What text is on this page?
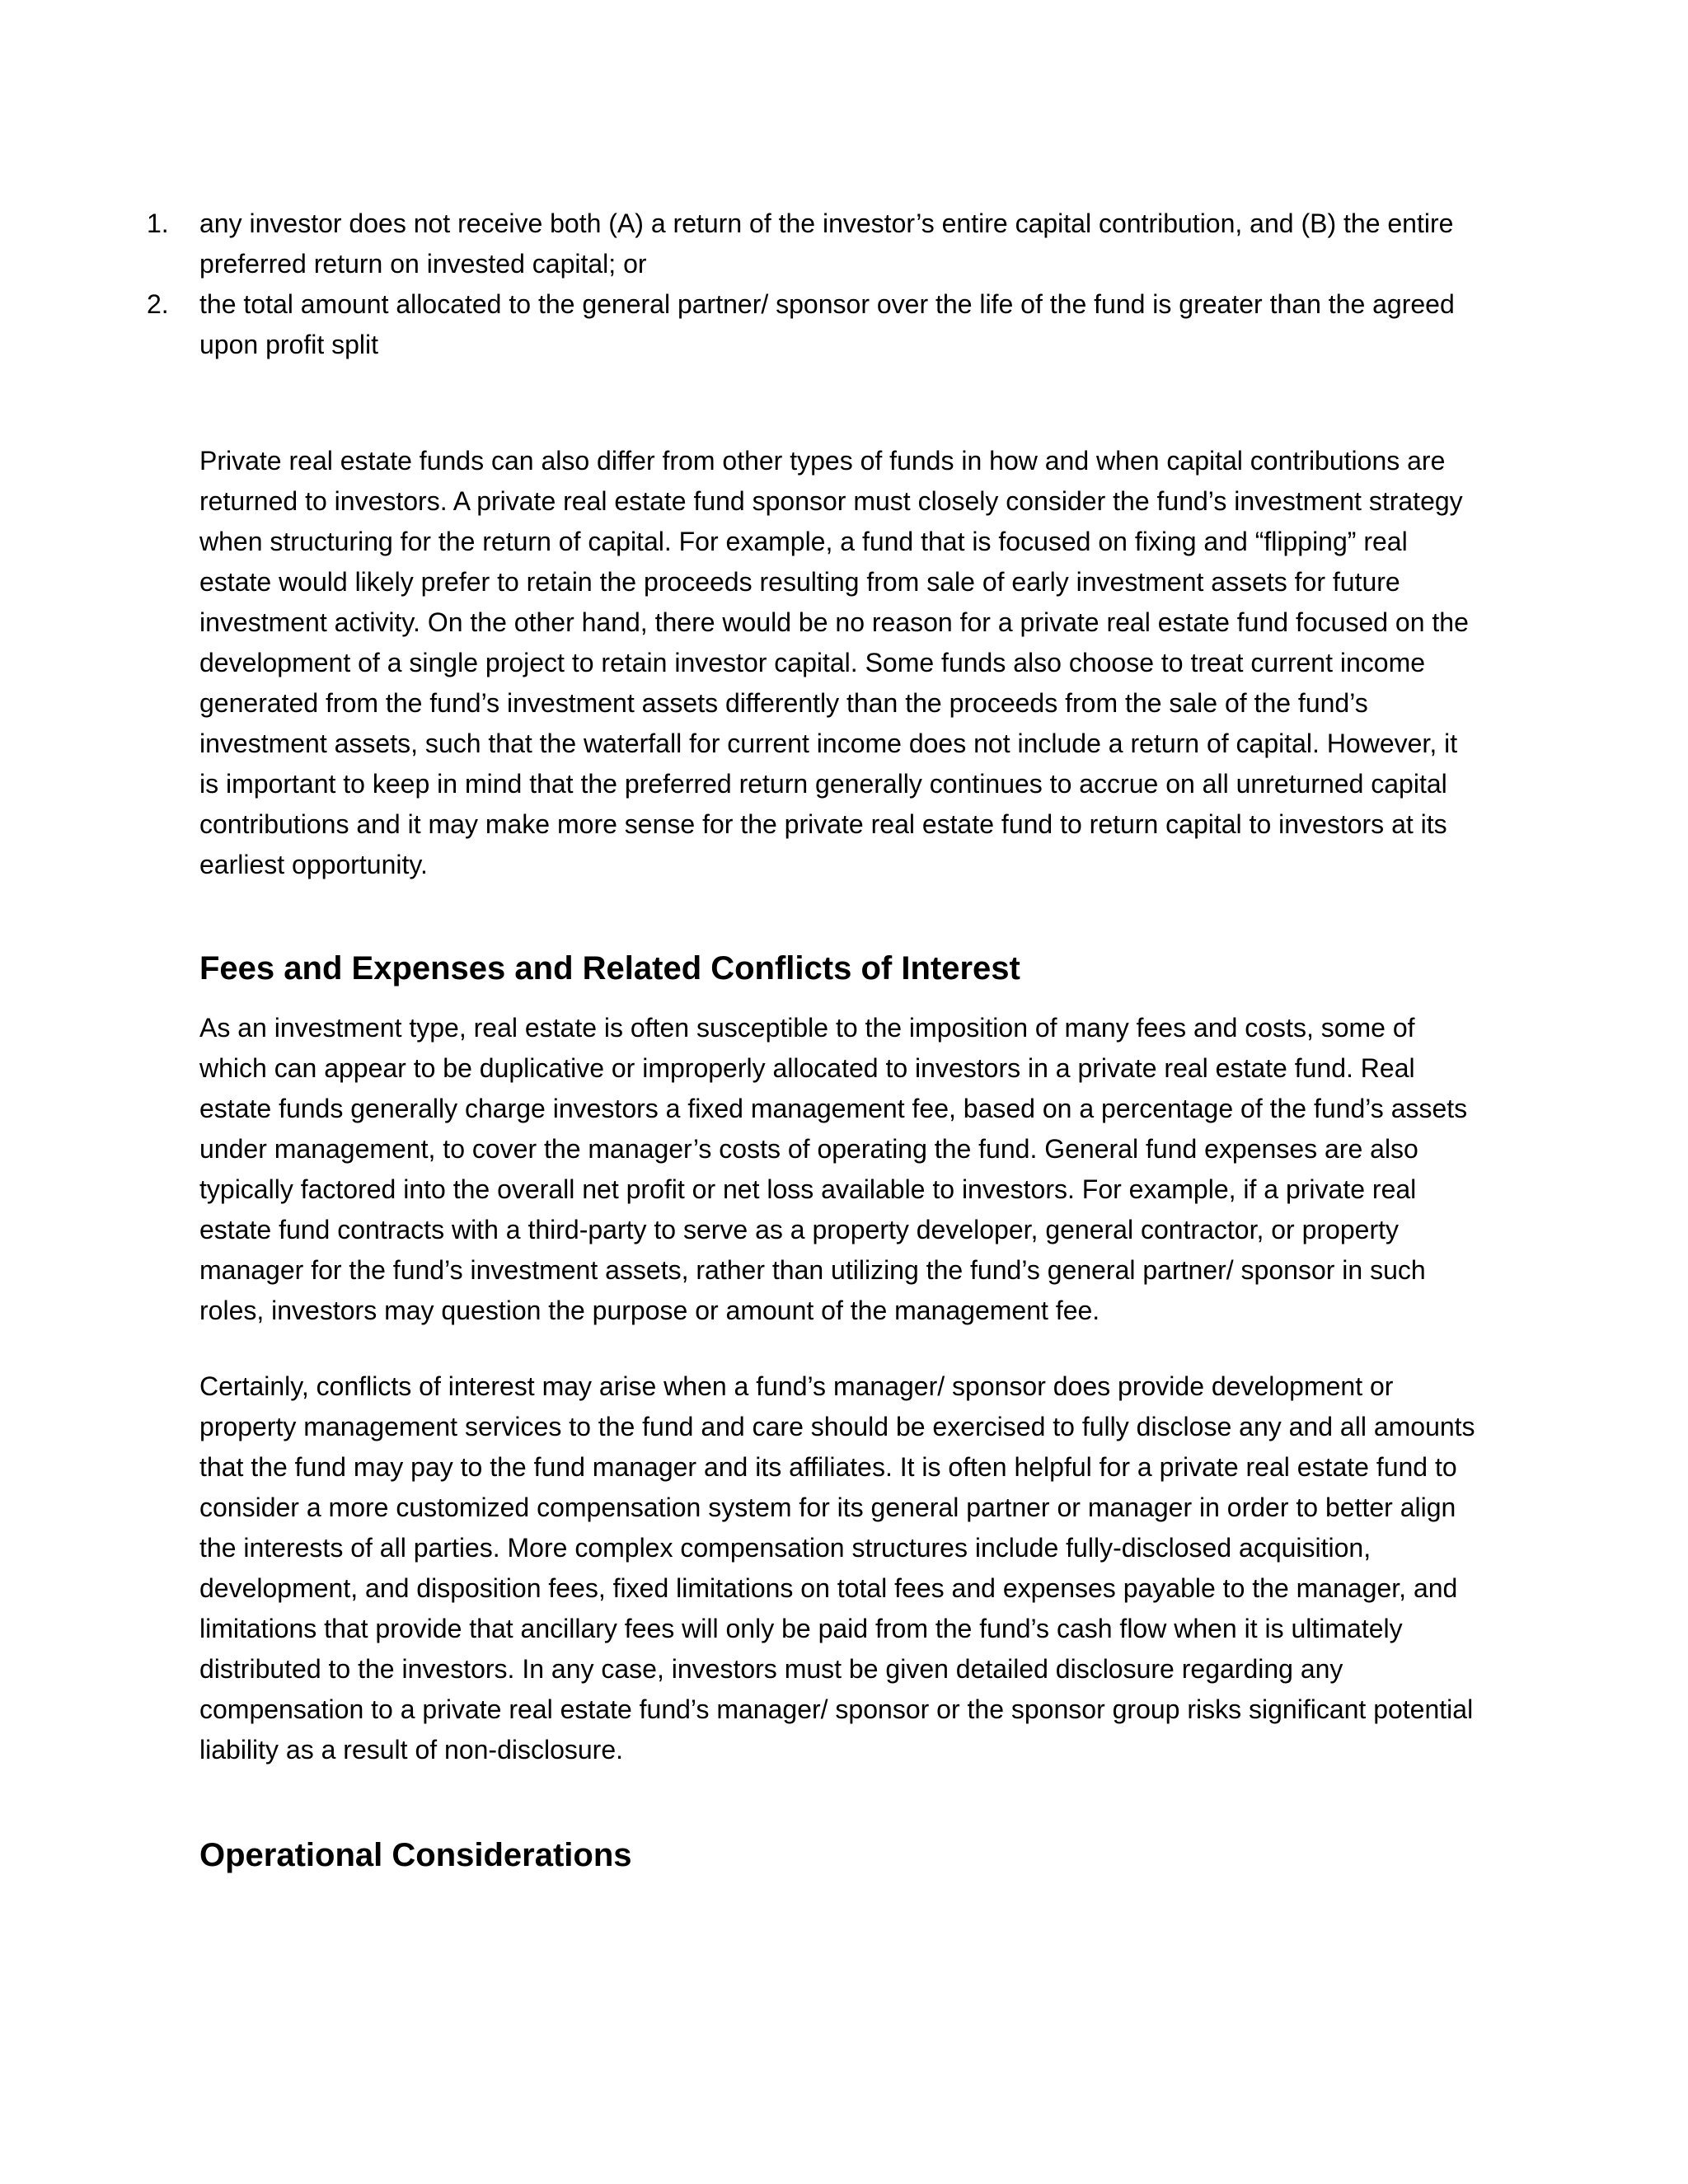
1.	any investor does not receive both (A) a return of the investor’s entire capital contribution, and (B) the entire preferred return on invested capital; or
2.	the total amount allocated to the general partner/ sponsor over the life of the fund is greater than the agreed upon profit split

Private real estate funds can also differ from other types of funds in how and when capital contributions are returned to investors. A private real estate fund sponsor must closely consider the fund’s investment strategy when structuring for the return of capital. For example, a fund that is focused on fixing and “flipping” real estate would likely prefer to retain the proceeds resulting from sale of early investment assets for future investment activity. On the other hand, there would be no reason for a private real estate fund focused on the development of a single project to retain investor capital. Some funds also choose to treat current income generated from the fund’s investment assets differently than the proceeds from the sale of the fund’s investment assets, such that the waterfall for current income does not include a return of capital. However, it is important to keep in mind that the preferred return generally continues to accrue on all unreturned capital contributions and it may make more sense for the private real estate fund to return capital to investors at its earliest opportunity.

Fees and Expenses and Related Conflicts of Interest

As an investment type, real estate is often susceptible to the imposition of many fees and costs, some of which can appear to be duplicative or improperly allocated to investors in a private real estate fund. Real estate funds generally charge investors a fixed management fee, based on a percentage of the fund’s assets under management, to cover the manager’s costs of operating the fund. General fund expenses are also typically factored into the overall net profit or net loss available to investors. For example, if a private real estate fund contracts with a third-party to serve as a property developer, general contractor, or property manager for the fund’s investment assets, rather than utilizing the fund’s general partner/ sponsor in such roles, investors may question the purpose or amount of the management fee.

Certainly, conflicts of interest may arise when a fund’s manager/ sponsor does provide development or property management services to the fund and care should be exercised to fully disclose any and all amounts that the fund may pay to the fund manager and its affiliates. It is often helpful for a private real estate fund to consider a more customized compensation system for its general partner or manager in order to better align the interests of all parties. More complex compensation structures include fully-disclosed acquisition, development, and disposition fees, fixed limitations on total fees and expenses payable to the manager, and limitations that provide that ancillary fees will only be paid from the fund’s cash flow when it is ultimately distributed to the investors. In any case, investors must be given detailed disclosure regarding any compensation to a private real estate fund’s manager/ sponsor or the sponsor group risks significant potential liability as a result of non-disclosure.

Operational Considerations
